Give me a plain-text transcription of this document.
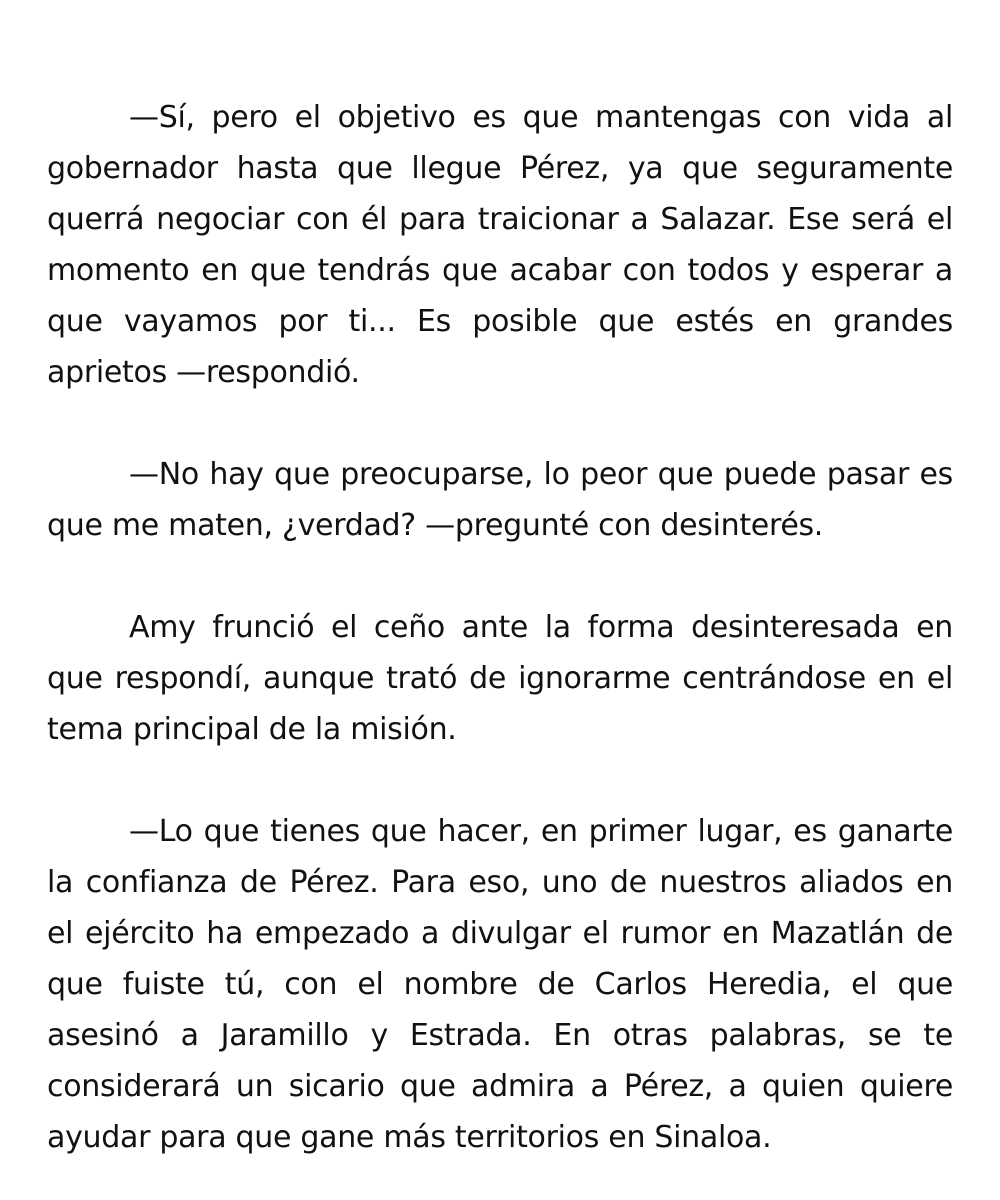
—Sí, pero el objetivo es que mantengas con vida al gobernador hasta que llegue Pérez, ya que seguramente querrá negociar con él para traicionar a Salazar. Ese será el momento en que tendrás que acabar con todos y esperar a que vayamos por ti... Es posible que estés en grandes aprietos —respondió.

—No hay que preocuparse, lo peor que puede pasar es que me maten, ¿verdad? —pregunté con desinterés.

Amy frunció el ceño ante la forma desinteresada en que respondí, aunque trató de ignorarme centrándose en el tema principal de la misión.

—Lo que tienes que hacer, en primer lugar, es ganarte la confianza de Pérez. Para eso, uno de nuestros aliados en el ejército ha empezado a divulgar el rumor en Mazatlán de que fuiste tú, con el nombre de Carlos Heredia, el que asesinó a Jaramillo y Estrada. En otras palabras, se te considerará un sicario que admira a Pérez, a quien quiere ayudar para que gane más territorios en Sinaloa.
